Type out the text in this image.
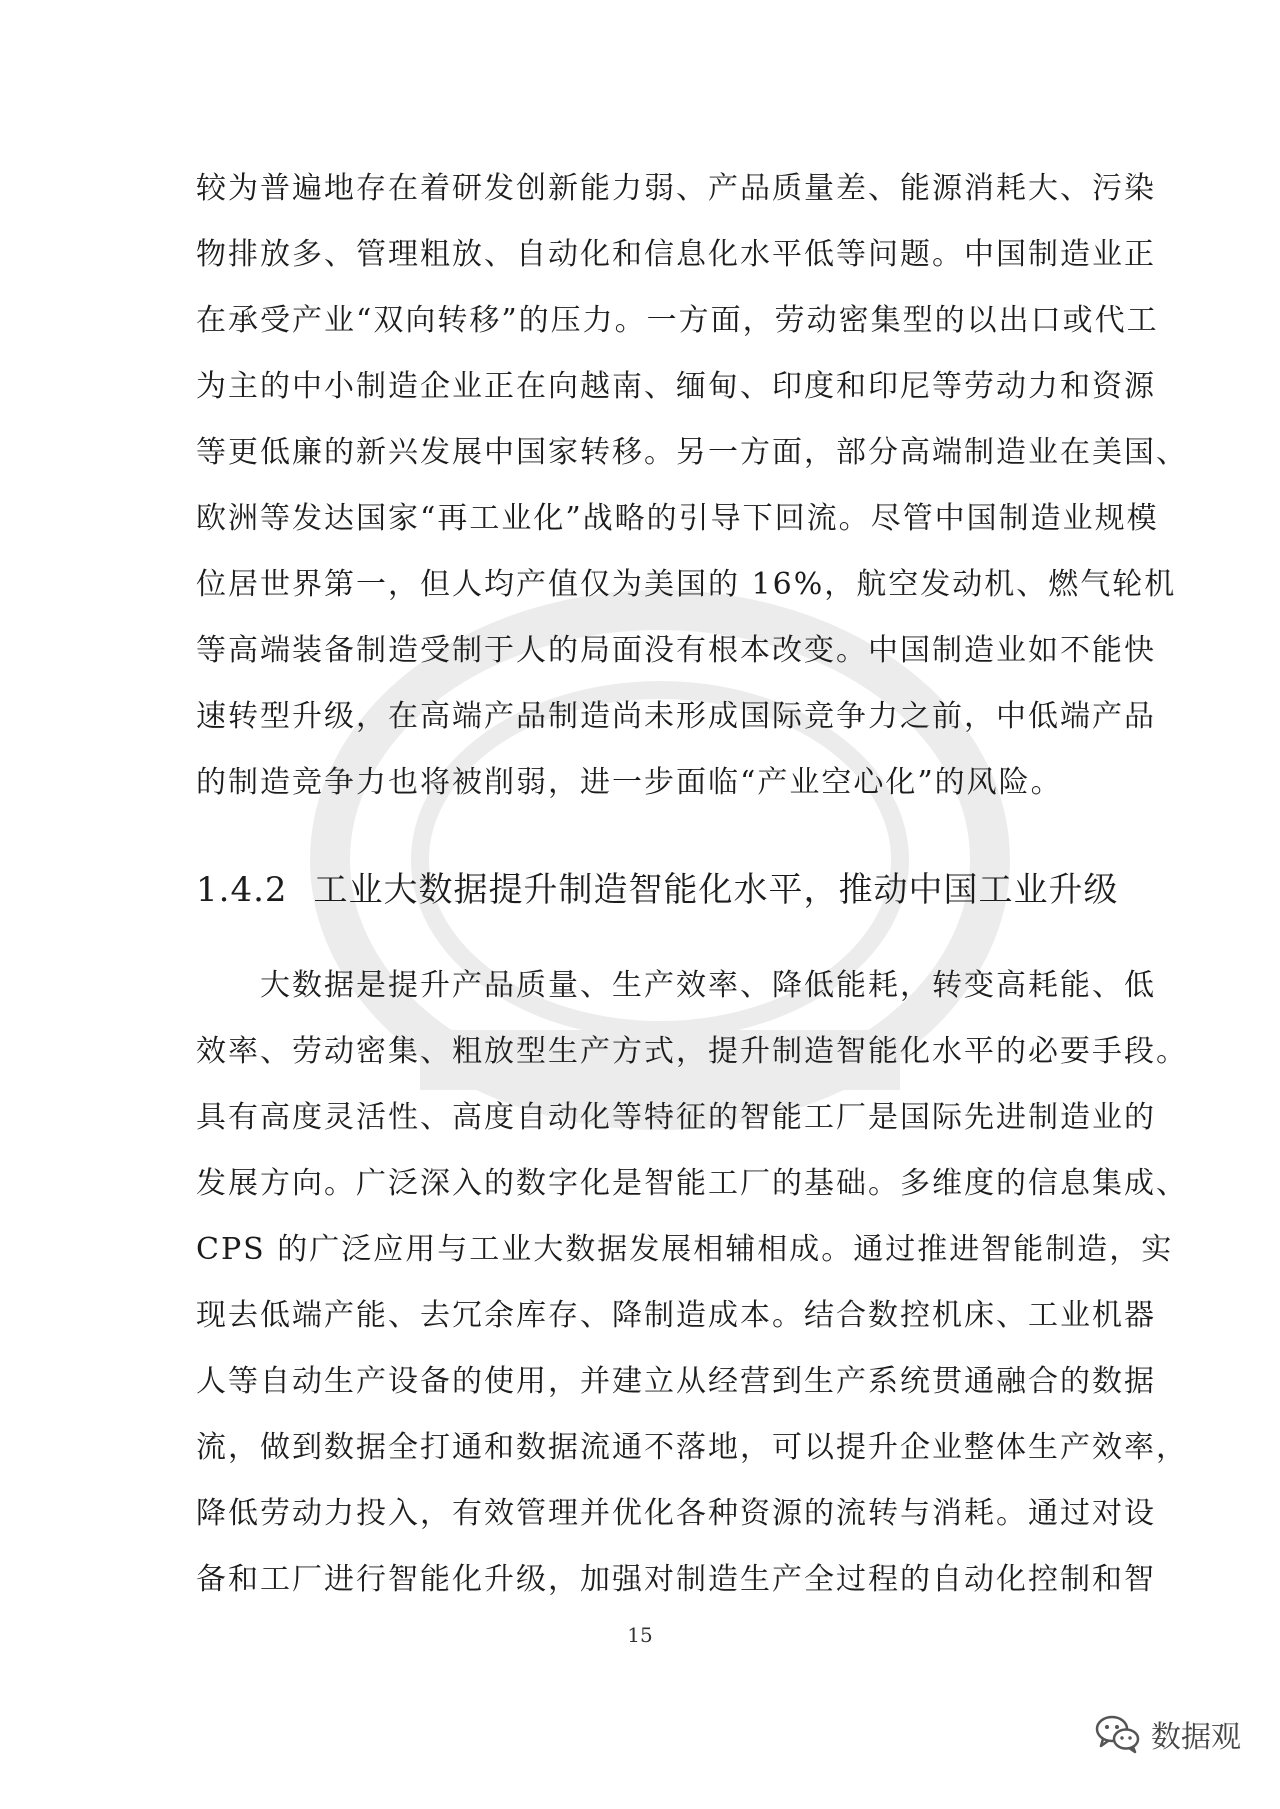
较为普遍地存在着研发创新能力弱、产品质量差、能源消耗大、污染
物排放多、管理粗放、自动化和信息化水平低等问题。中国制造业正
在承受产业“双向转移”的压力。一方面，劳动密集型的以出口或代工
为主的中小制造企业正在向越南、缅甸、印度和印尼等劳动力和资源
等更低廉的新兴发展中国家转移。另一方面，部分高端制造业在美国、
欧洲等发达国家“再工业化”战略的引导下回流。尽管中国制造业规模
位居世界第一，但人均产值仅为美国的 16%，航空发动机、燃气轮机
等高端装备制造受制于人的局面没有根本改变。中国制造业如不能快
速转型升级，在高端产品制造尚未形成国际竞争力之前，中低端产品
的制造竞争力也将被削弱，进一步面临“产业空心化”的风险。
1.4.2 工业大数据提升制造智能化水平，推动中国工业升级
　　大数据是提升产品质量、生产效率、降低能耗，转变高耗能、低
效率、劳动密集、粗放型生产方式，提升制造智能化水平的必要手段。
具有高度灵活性、高度自动化等特征的智能工厂是国际先进制造业的
发展方向。广泛深入的数字化是智能工厂的基础。多维度的信息集成、
CPS 的广泛应用与工业大数据发展相辅相成。通过推进智能制造，实
现去低端产能、去冗余库存、降制造成本。结合数控机床、工业机器
人等自动生产设备的使用，并建立从经营到生产系统贯通融合的数据
流，做到数据全打通和数据流通不落地，可以提升企业整体生产效率，
降低劳动力投入，有效管理并优化各种资源的流转与消耗。通过对设
备和工厂进行智能化升级，加强对制造生产全过程的自动化控制和智
15
数据观
